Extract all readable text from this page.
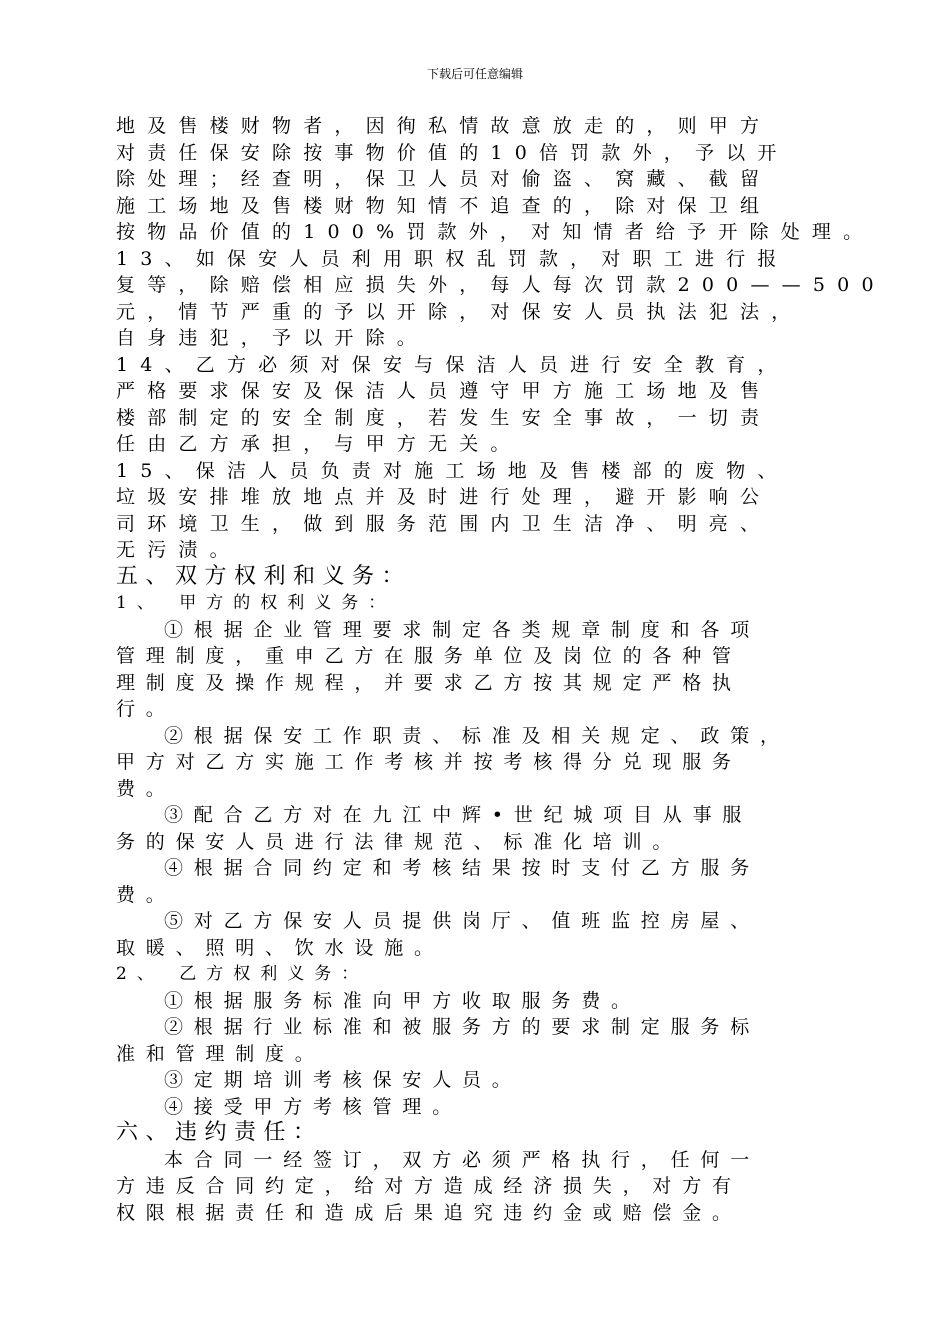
下载后可任意编辑
地及售楼财物者，因徇私情故意放走的，则甲方
对责任保安除按事物价值的10倍罚款外，予以开
除处理；经查明，保卫人员对偷盗、窝藏、截留
施工场地及售楼财物知情不追查的，除对保卫组
按物品价值的100%罚款外，对知情者给予开除处理。
13、如保安人员利用职权乱罚款，对职工进行报
复等，除赔偿相应损失外，每人每次罚款200——500
元，情节严重的予以开除，对保安人员执法犯法，
自身违犯，予以开除。
14、乙方必须对保安与保洁人员进行安全教育，
严格要求保安及保洁人员遵守甲方施工场地及售
楼部制定的安全制度，若发生安全事故，一切责
任由乙方承担，与甲方无关。
15、保洁人员负责对施工场地及售楼部的废物、
垃圾安排堆放地点并及时进行处理，避开影响公
司环境卫生，做到服务范围内卫生洁净、明亮、
无污渍。
五、双方权利和义务：
1、 甲方的权利义务：
①根据企业管理要求制定各类规章制度和各项
管理制度，重申乙方在服务单位及岗位的各种管
理制度及操作规程，并要求乙方按其规定严格执
行。
②根据保安工作职责、标准及相关规定、政策，
甲方对乙方实施工作考核并按考核得分兑现服务
费。
③配合乙方对在九江中辉•世纪城项目从事服
务的保安人员进行法律规范、标准化培训。
④根据合同约定和考核结果按时支付乙方服务
费。
⑤对乙方保安人员提供岗厅、值班监控房屋、
取暖、照明、饮水设施。
2、 乙方权利义务：
①根据服务标准向甲方收取服务费。
②根据行业标准和被服务方的要求制定服务标
准和管理制度。
③定期培训考核保安人员。
④接受甲方考核管理。
六、违约责任：
本合同一经签订，双方必须严格执行，任何一
方违反合同约定，给对方造成经济损失，对方有
权限根据责任和造成后果追究违约金或赔偿金。
